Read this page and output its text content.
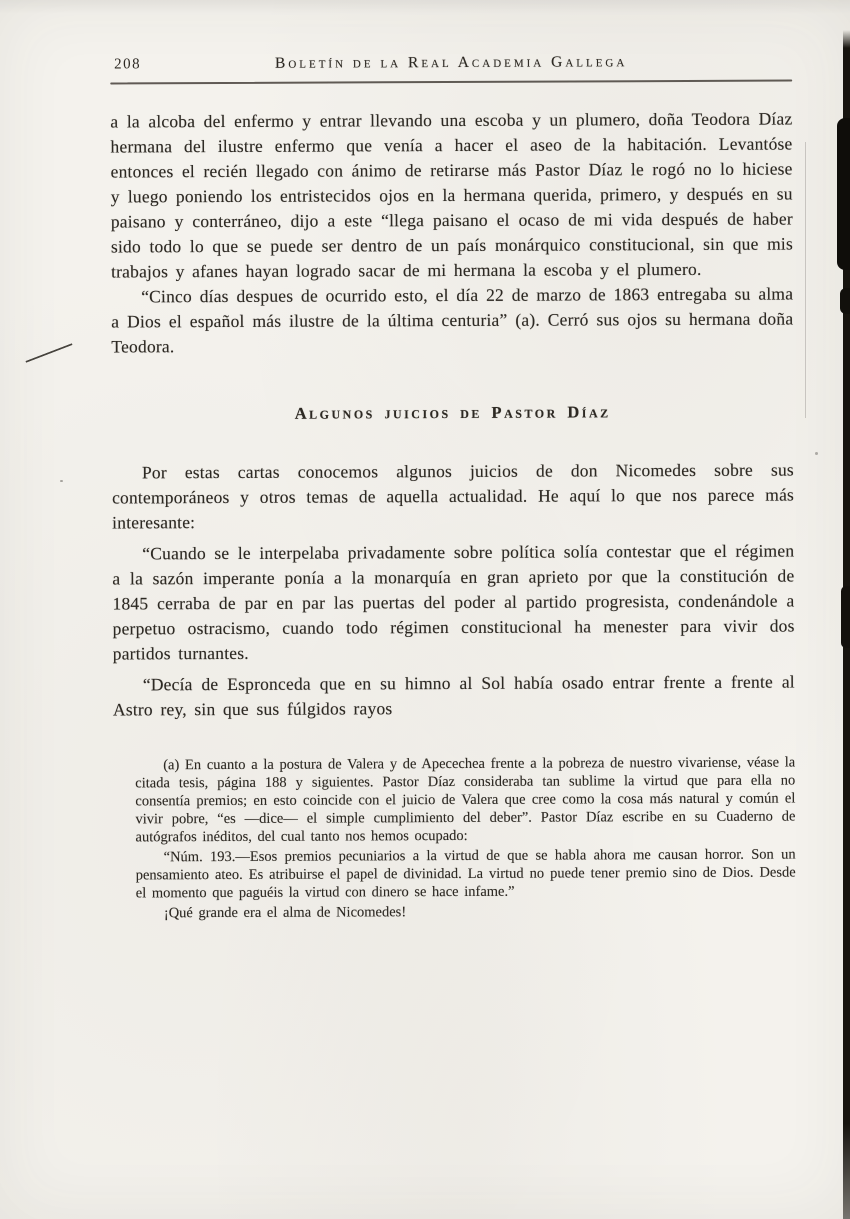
208	Boletín de la Real Academia Gallega

a la alcoba del enfermo y entrar llevando una escoba y un plumero, doña Teodora Díaz hermana del ilustre enfermo que venía a hacer el aseo de la habitación. Levantóse entonces el recién llegado con ánimo de retirarse más Pastor Díaz le rogó no lo hiciese y luego poniendo los entristecidos ojos en la hermana querida, primero, y después en su paisano y conterráneo, dijo a este “llega paisano el ocaso de mi vida después de haber sido todo lo que se puede ser dentro de un país monárquico constitucional, sin que mis trabajos y afanes hayan logrado sacar de mi hermana la escoba y el plumero.

“Cinco días despues de ocurrido esto, el día 22 de marzo de 1863 entregaba su alma a Dios el español más ilustre de la última centuria” (a). Cerró sus ojos su hermana doña Teodora.

Algunos juicios de Pastor Díaz

Por estas cartas conocemos algunos juicios de don Nicomedes sobre sus contemporáneos y otros temas de aquella actualidad. He aquí lo que nos parece más interesante:

“Cuando se le interpelaba privadamente sobre política solía contestar que el régimen a la sazón imperante ponía a la monarquía en gran aprieto por que la constitución de 1845 cerraba de par en par las puertas del poder al partido progresista, condenándole a perpetuo ostracismo, cuando todo régimen constitucional ha menester para vivir dos partidos turnantes.

“Decía de Espronceda que en su himno al Sol había osado entrar frente a frente al Astro rey, sin que sus fúlgidos rayos

(a) En cuanto a la postura de Valera y de Apecechea frente a la pobreza de nuestro vivariense, véase la citada tesis, página 188 y siguientes. Pastor Díaz consideraba tan sublime la virtud que para ella no consentía premios; en esto coincide con el juicio de Valera que cree como la cosa más natural y común el vivir pobre, “es —dice— el simple cumplimiento del deber”. Pastor Díaz escribe en su Cuaderno de autógrafos inéditos, del cual tanto nos hemos ocupado:

“Núm. 193.—Esos premios pecuniarios a la virtud de que se habla ahora me causan horror. Son un pensamiento ateo. Es atribuirse el papel de divinidad. La virtud no puede tener premio sino de Dios. Desde el momento que paguéis la virtud con dinero se hace infame.”

¡Qué grande era el alma de Nicomedes!
